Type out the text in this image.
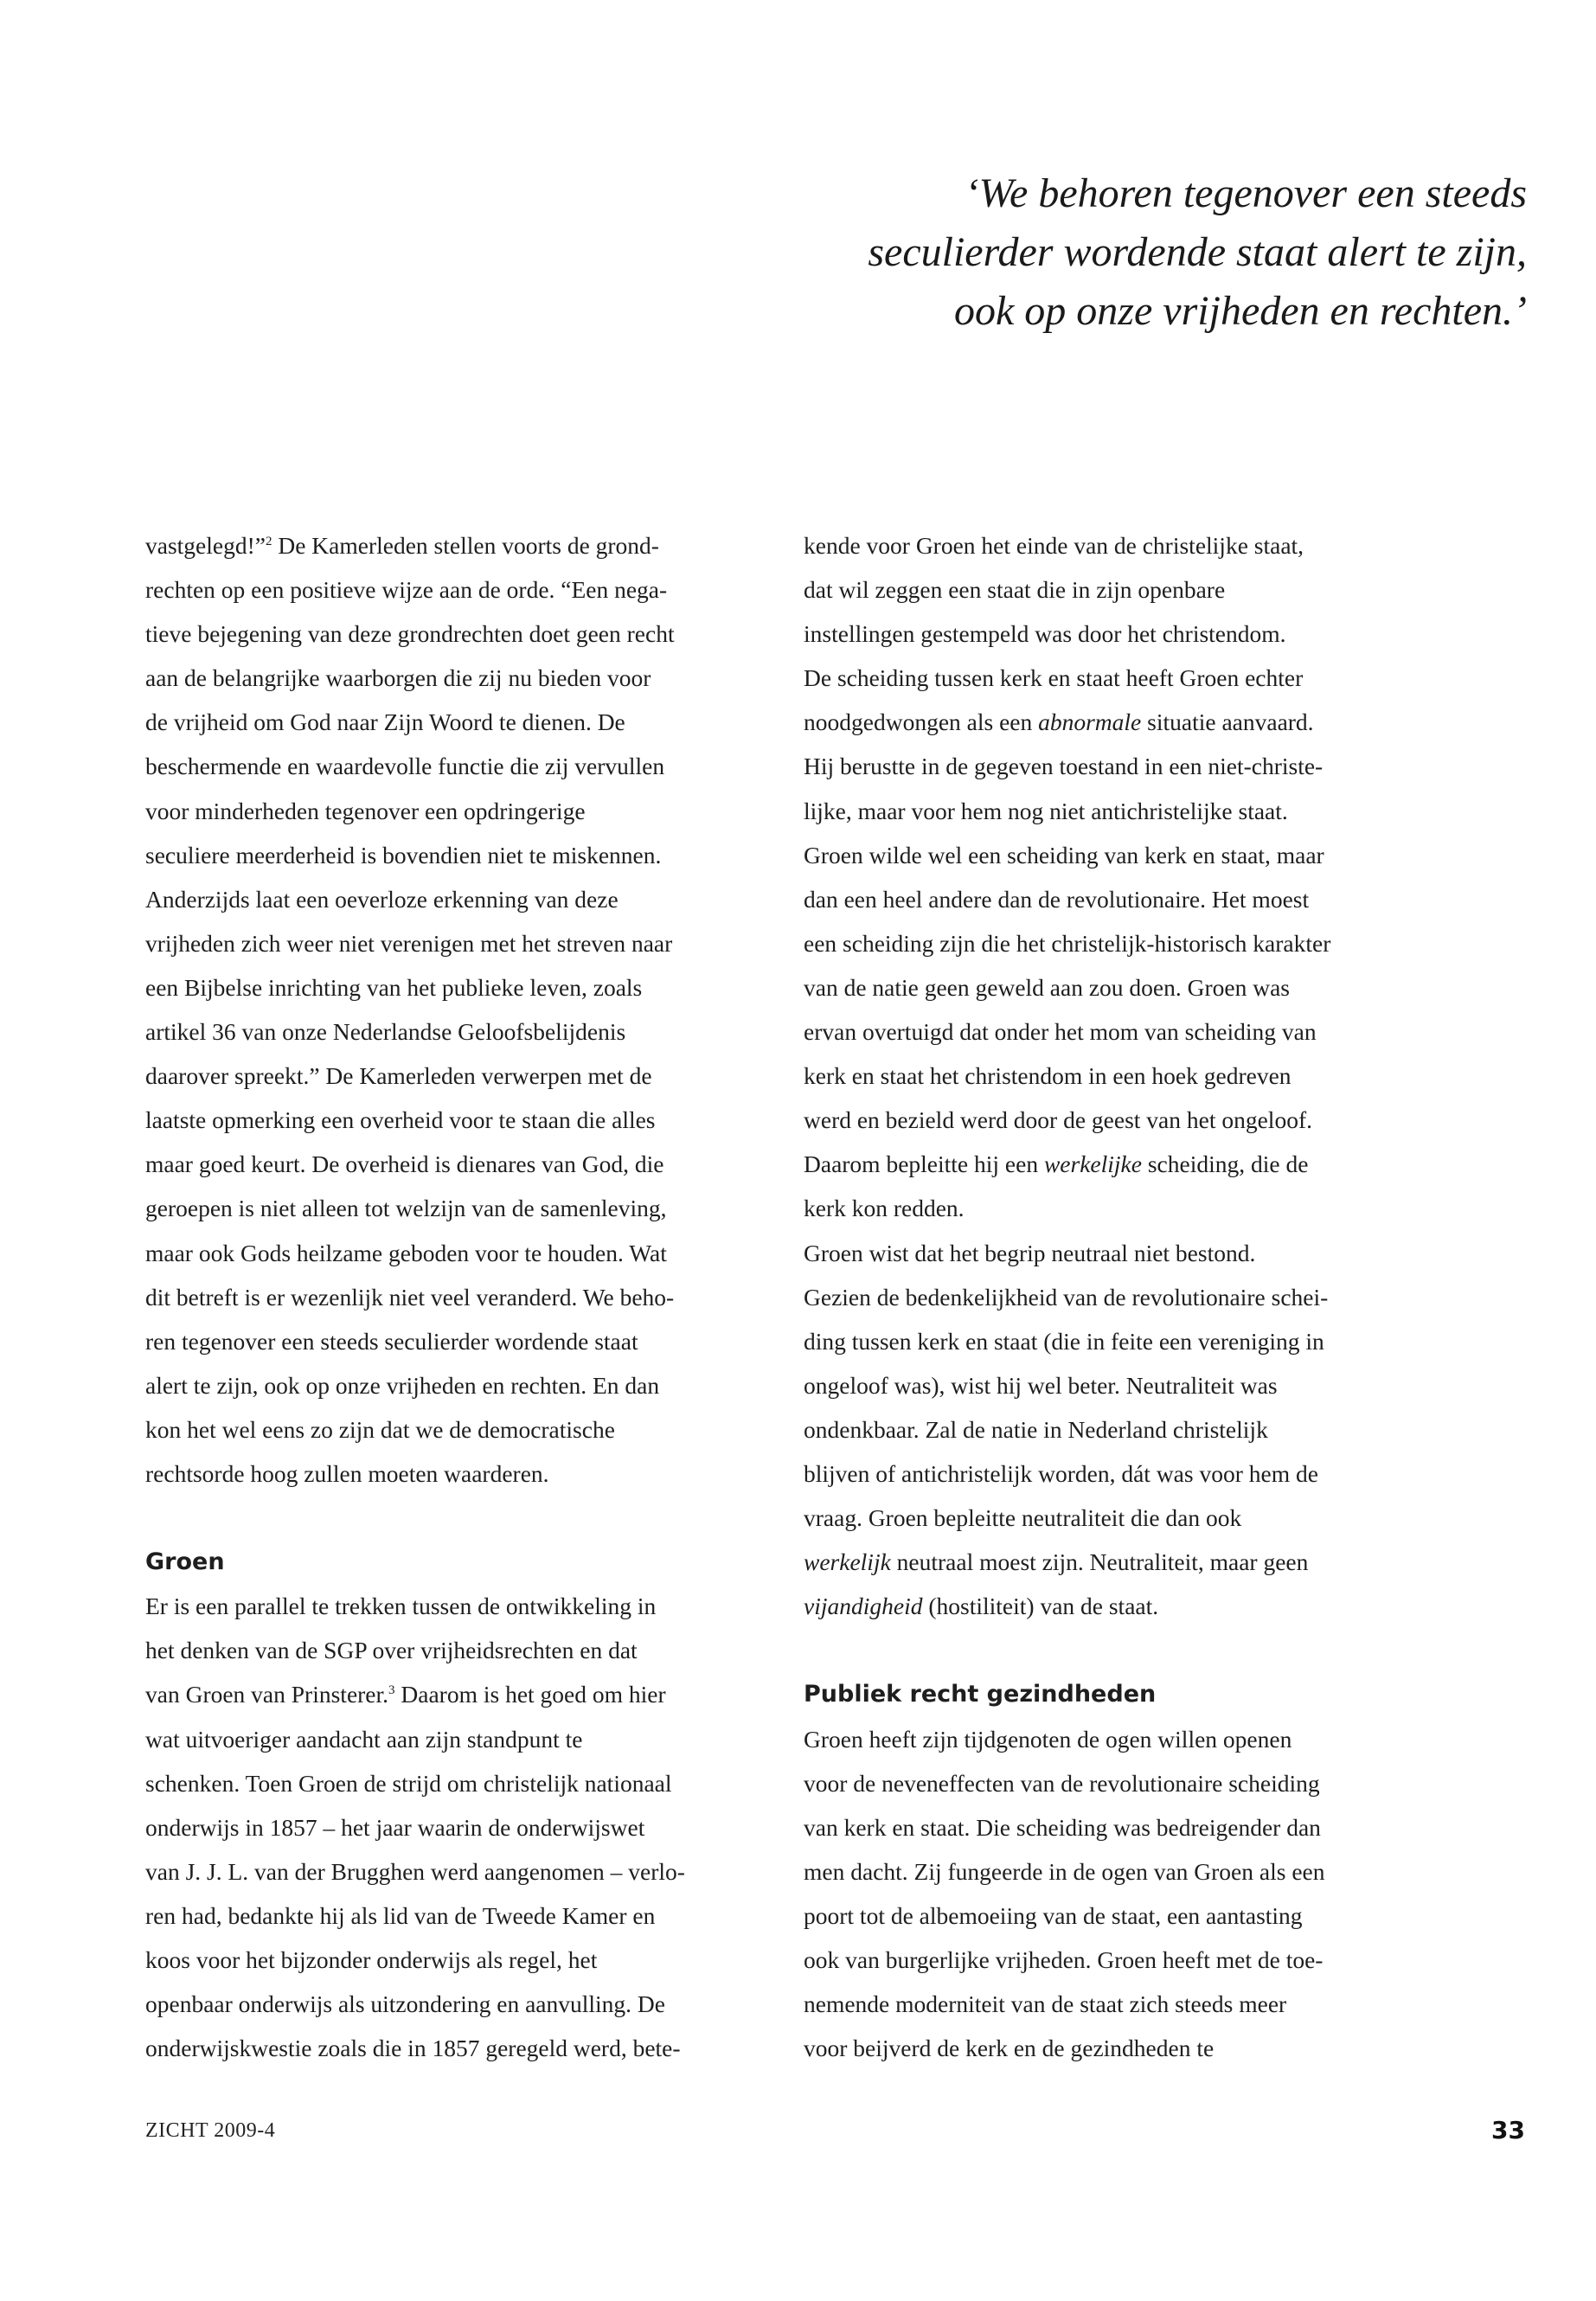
‘We behoren tegenover een steeds
seculierder wordende staat alert te zijn,
ook op onze vrijheden en rechten.’
vastgelegd!”$^2$ De Kamerleden stellen voorts de grond-
rechten op een positieve wijze aan de orde. “Een nega-
tieve bejegening van deze grondrechten doet geen recht
aan de belangrijke waarborgen die zij nu bieden voor
de vrijheid om God naar Zijn Woord te dienen. De
beschermende en waardevolle functie die zij vervullen
voor minderheden tegenover een opdringerige
seculiere meerderheid is bovendien niet te miskennen.
Anderzijds laat een oeverloze erkenning van deze
vrijheden zich weer niet verenigen met het streven naar
een Bijbelse inrichting van het publieke leven, zoals
artikel 36 van onze Nederlandse Geloofsbelijdenis
daarover spreekt.” De Kamerleden verwerpen met de
laatste opmerking een overheid voor te staan die alles
maar goed keurt. De overheid is dienares van God, die
geroepen is niet alleen tot welzijn van de samenleving,
maar ook Gods heilzame geboden voor te houden. Wat
dit betreft is er wezenlijk niet veel veranderd. We beho-
ren tegenover een steeds seculierder wordende staat
alert te zijn, ook op onze vrijheden en rechten. En dan
kon het wel eens zo zijn dat we de democratische
rechtsorde hoog zullen moeten waarderen.
Groen
Er is een parallel te trekken tussen de ontwikkeling in
het denken van de SGP over vrijheidsrechten en dat
van Groen van Prinsterer.$^3$ Daarom is het goed om hier
wat uitvoeriger aandacht aan zijn standpunt te
schenken. Toen Groen de strijd om christelijk nationaal
onderwijs in 1857 – het jaar waarin de onderwijswet
van J. J. L. van der Brugghen werd aangenomen – verlo-
ren had, bedankte hij als lid van de Tweede Kamer en
koos voor het bijzonder onderwijs als regel, het
openbaar onderwijs als uitzondering en aanvulling. De
onderwijskwestie zoals die in 1857 geregeld werd, bete-
kende voor Groen het einde van de christelijke staat,
dat wil zeggen een staat die in zijn openbare
instellingen gestempeld was door het christendom.
De scheiding tussen kerk en staat heeft Groen echter
noodgedwongen als een abnormale situatie aanvaard.
Hij berustte in de gegeven toestand in een niet-christe-
lijke, maar voor hem nog niet antichristelijke staat.
Groen wilde wel een scheiding van kerk en staat, maar
dan een heel andere dan de revolutionaire. Het moest
een scheiding zijn die het christelijk-historisch karakter
van de natie geen geweld aan zou doen. Groen was
ervan overtuigd dat onder het mom van scheiding van
kerk en staat het christendom in een hoek gedreven
werd en bezield werd door de geest van het ongeloof.
Daarom bepleitte hij een werkelijke scheiding, die de
kerk kon redden.
Groen wist dat het begrip neutraal niet bestond.
Gezien de bedenkelijkheid van de revolutionaire schei-
ding tussen kerk en staat (die in feite een vereniging in
ongeloof was), wist hij wel beter. Neutraliteit was
ondenkbaar. Zal de natie in Nederland christelijk
blijven of antichristelijk worden, dát was voor hem de
vraag. Groen bepleitte neutraliteit die dan ook
werkelijk neutraal moest zijn. Neutraliteit, maar geen
vijandigheid (hostiliteit) van de staat.
Publiek recht gezindheden
Groen heeft zijn tijdgenoten de ogen willen openen
voor de neveneffecten van de revolutionaire scheiding
van kerk en staat. Die scheiding was bedreigender dan
men dacht. Zij fungeerde in de ogen van Groen als een
poort tot de albemoeiing van de staat, een aantasting
ook van burgerlijke vrijheden. Groen heeft met de toe-
nemende moderniteit van de staat zich steeds meer
voor beijverd de kerk en de gezindheden te
ZICHT 2009-4	33
